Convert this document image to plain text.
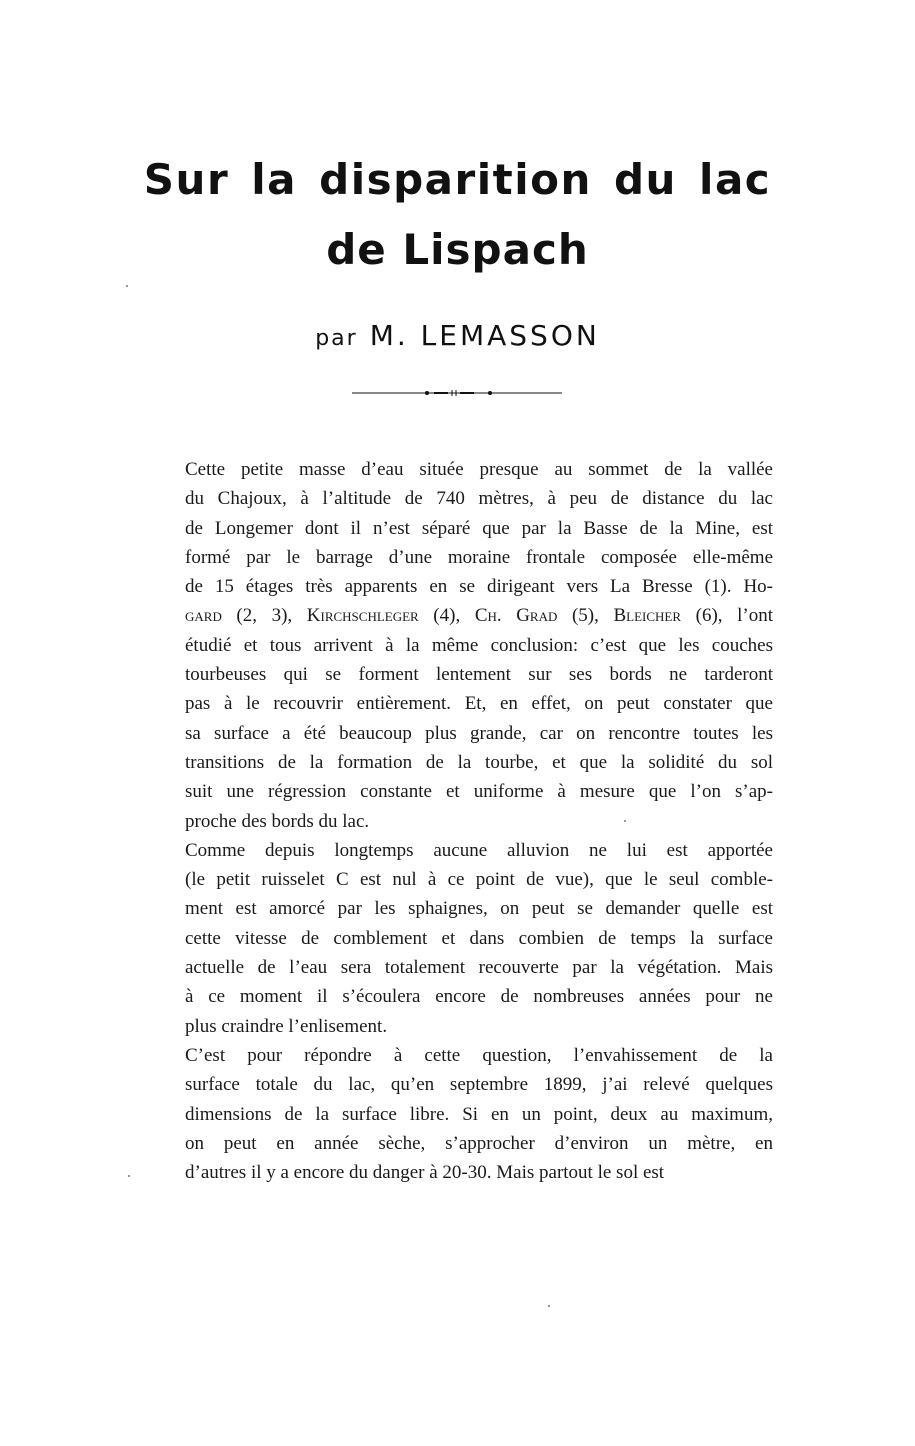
Sur la disparition du lac
de Lispach
par M. LEMASSON

Cette petite masse d’eau située presque au sommet de la vallée
du Chajoux, à l’altitude de 740 mètres, à peu de distance du lac
de Longemer dont il n’est séparé que par la Basse de la Mine, est
formé par le barrage d’une moraine frontale composée elle-même
de 15 étages très apparents en se dirigeant vers La Bresse (1). Ho-
gard (2, 3), Kirchschleger (4), Ch. Grad (5), Bleicher (6), l’ont
étudié et tous arrivent à la même conclusion: c’est que les couches
tourbeuses qui se forment lentement sur ses bords ne tarderont
pas à le recouvrir entièrement. Et, en effet, on peut constater que
sa surface a été beaucoup plus grande, car on rencontre toutes les
transitions de la formation de la tourbe, et que la solidité du sol
suit une régression constante et uniforme à mesure que l’on s’ap-
proche des bords du lac.

Comme depuis longtemps aucune alluvion ne lui est apportée
(le petit ruisselet C est nul à ce point de vue), que le seul comble-
ment est amorcé par les sphaignes, on peut se demander quelle est
cette vitesse de comblement et dans combien de temps la surface
actuelle de l’eau sera totalement recouverte par la végétation. Mais
à ce moment il s’écoulera encore de nombreuses années pour ne
plus craindre l’enlisement.

C’est pour répondre à cette question, l’envahissement de la
surface totale du lac, qu’en septembre 1899, j’ai relevé quelques
dimensions de la surface libre. Si en un point, deux au maximum,
on peut en année sèche, s’approcher d’environ un mètre, en
d’autres il y a encore du danger à 20-30. Mais partout le sol est
